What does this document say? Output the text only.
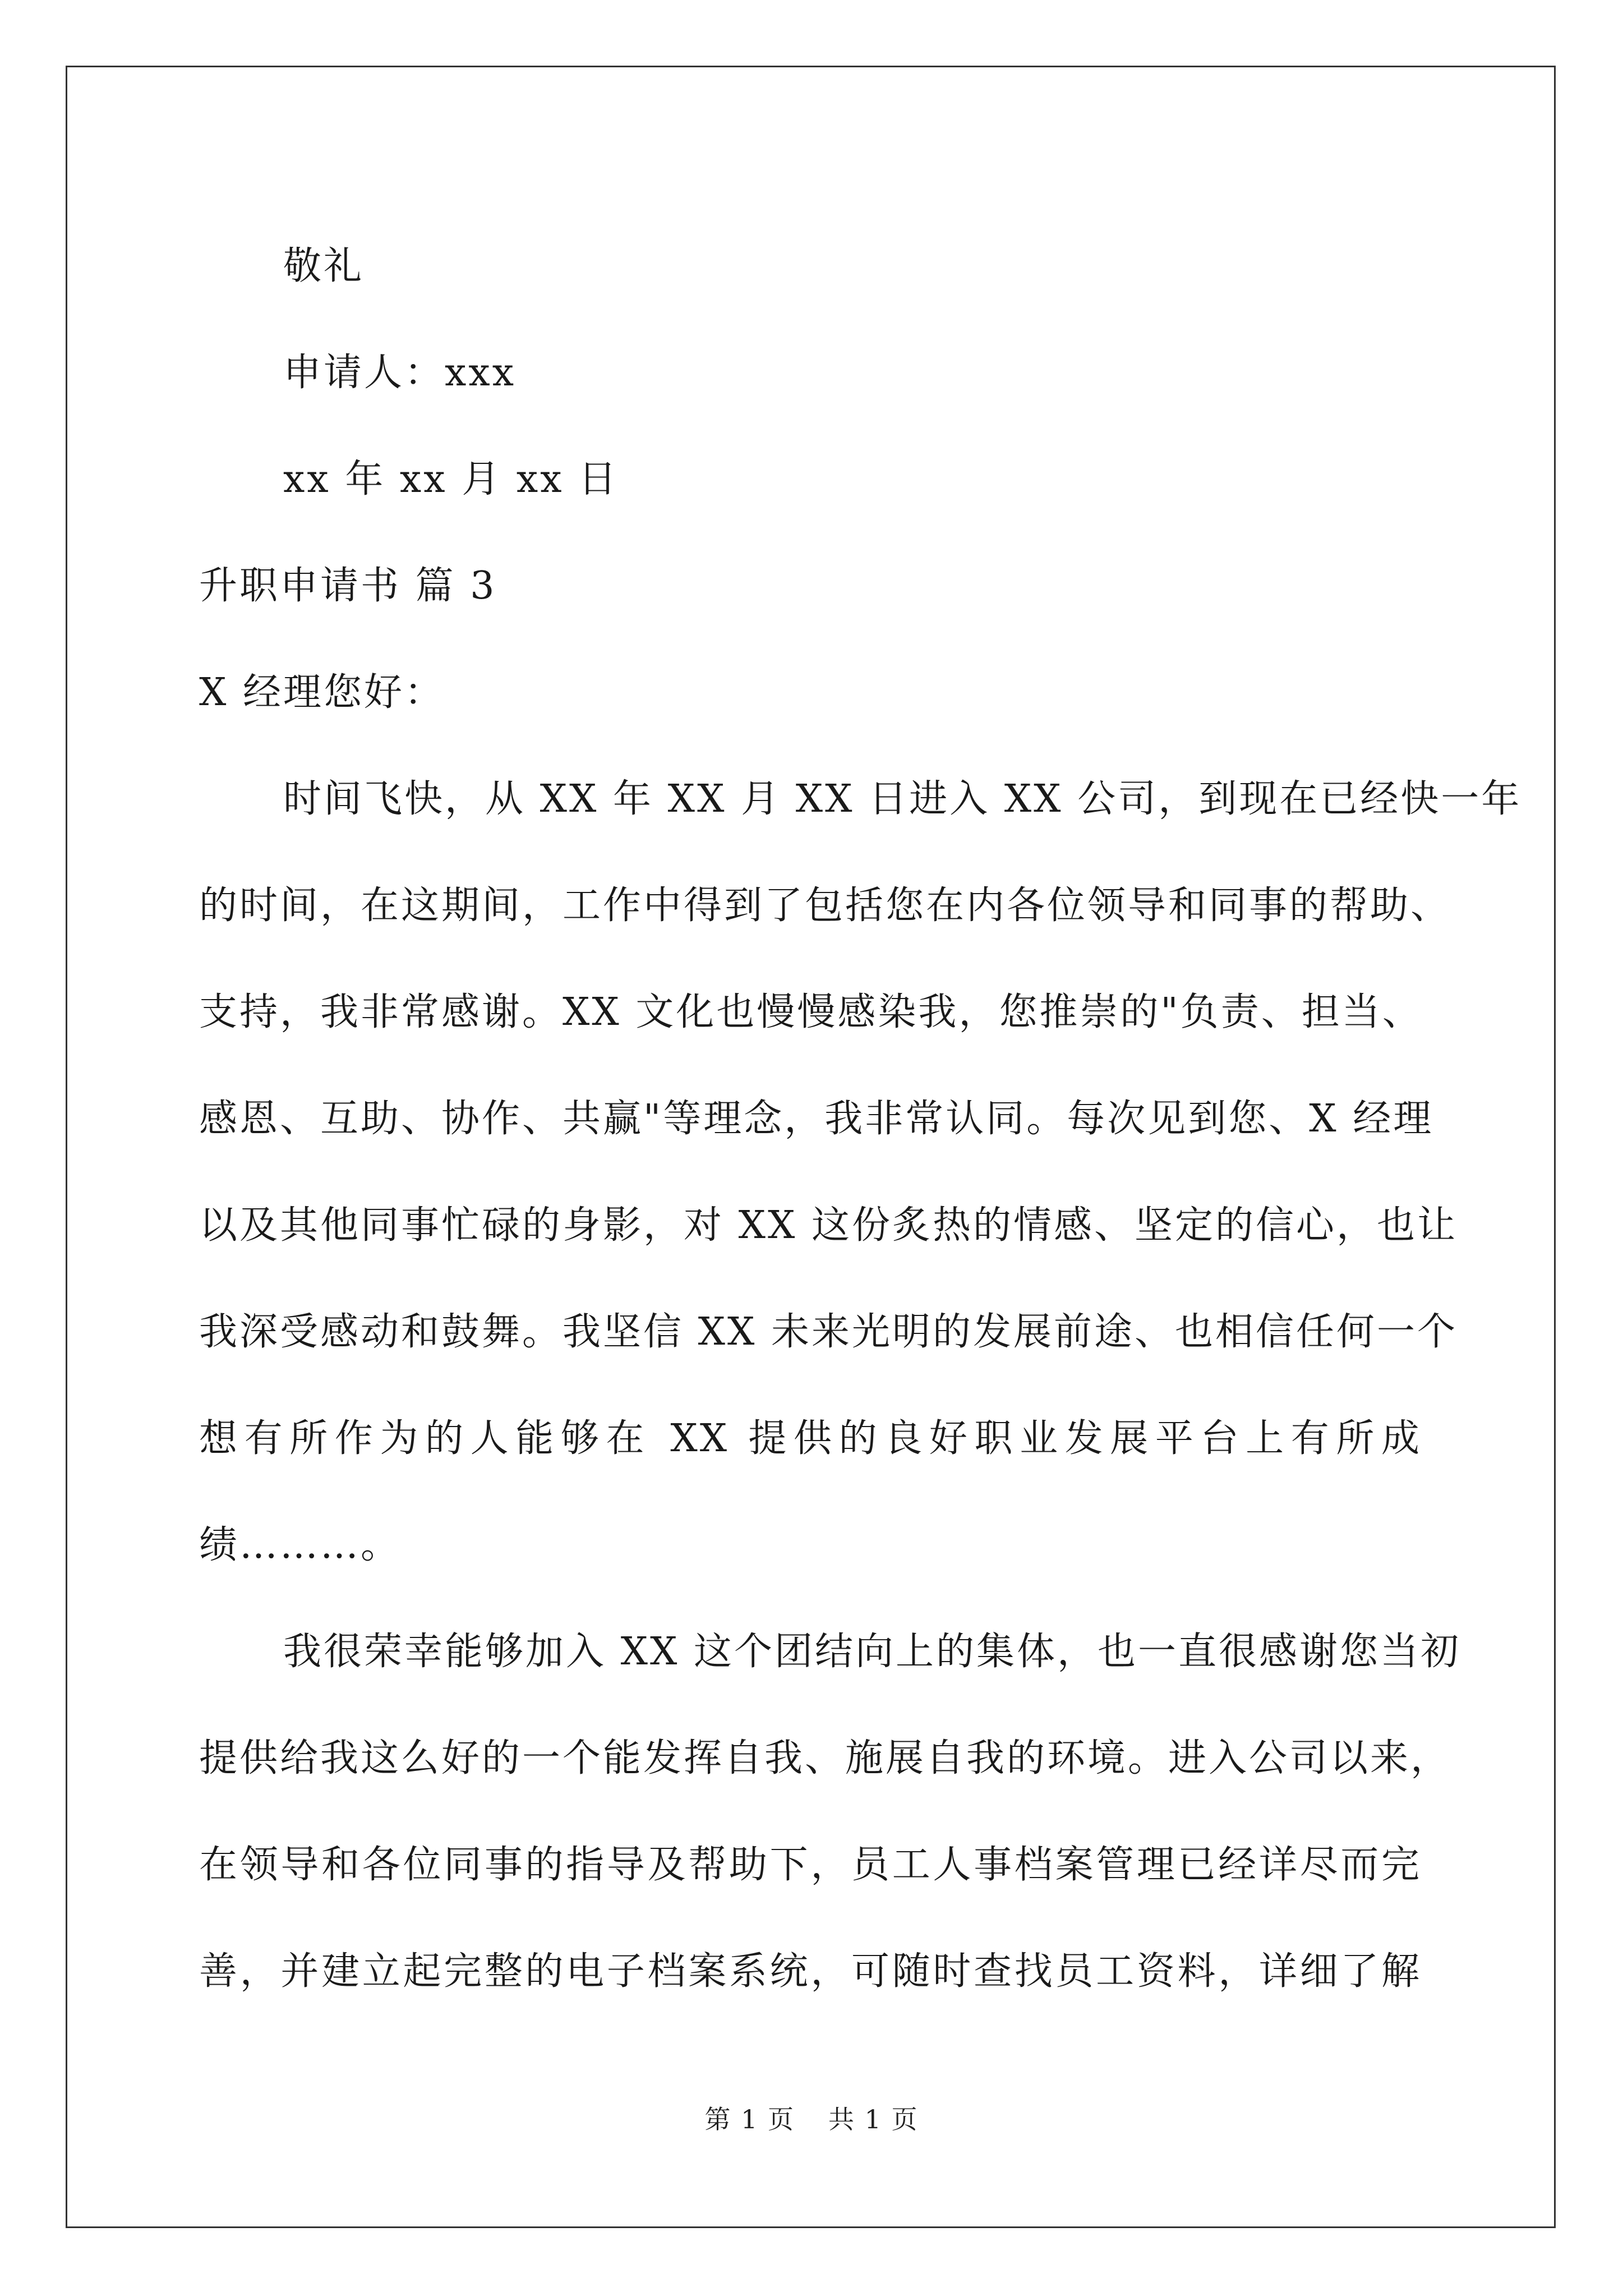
敬礼
申请人：xxx
xx 年 xx 月 xx 日
升职申请书 篇 3
X 经理您好：
时间飞快，从 XX 年 XX 月 XX 日进入 XX 公司，到现在已经快一年
的时间，在这期间，工作中得到了包括您在内各位领导和同事的帮助、
支持，我非常感谢。XX 文化也慢慢感染我，您推崇的"负责、担当、
感恩、互助、协作、共赢"等理念，我非常认同。每次见到您、X 经理
以及其他同事忙碌的身影，对 XX 这份炙热的情感、坚定的信心，也让
我深受感动和鼓舞。我坚信 XX 未来光明的发展前途、也相信任何一个
想有所作为的人能够在 XX 提供的良好职业发展平台上有所成
绩………。
我很荣幸能够加入 XX 这个团结向上的集体，也一直很感谢您当初
提供给我这么好的一个能发挥自我、施展自我的环境。进入公司以来，
在领导和各位同事的指导及帮助下，员工人事档案管理已经详尽而完
善，并建立起完整的电子档案系统，可随时查找员工资料，详细了解
第 1 页 共 1 页
